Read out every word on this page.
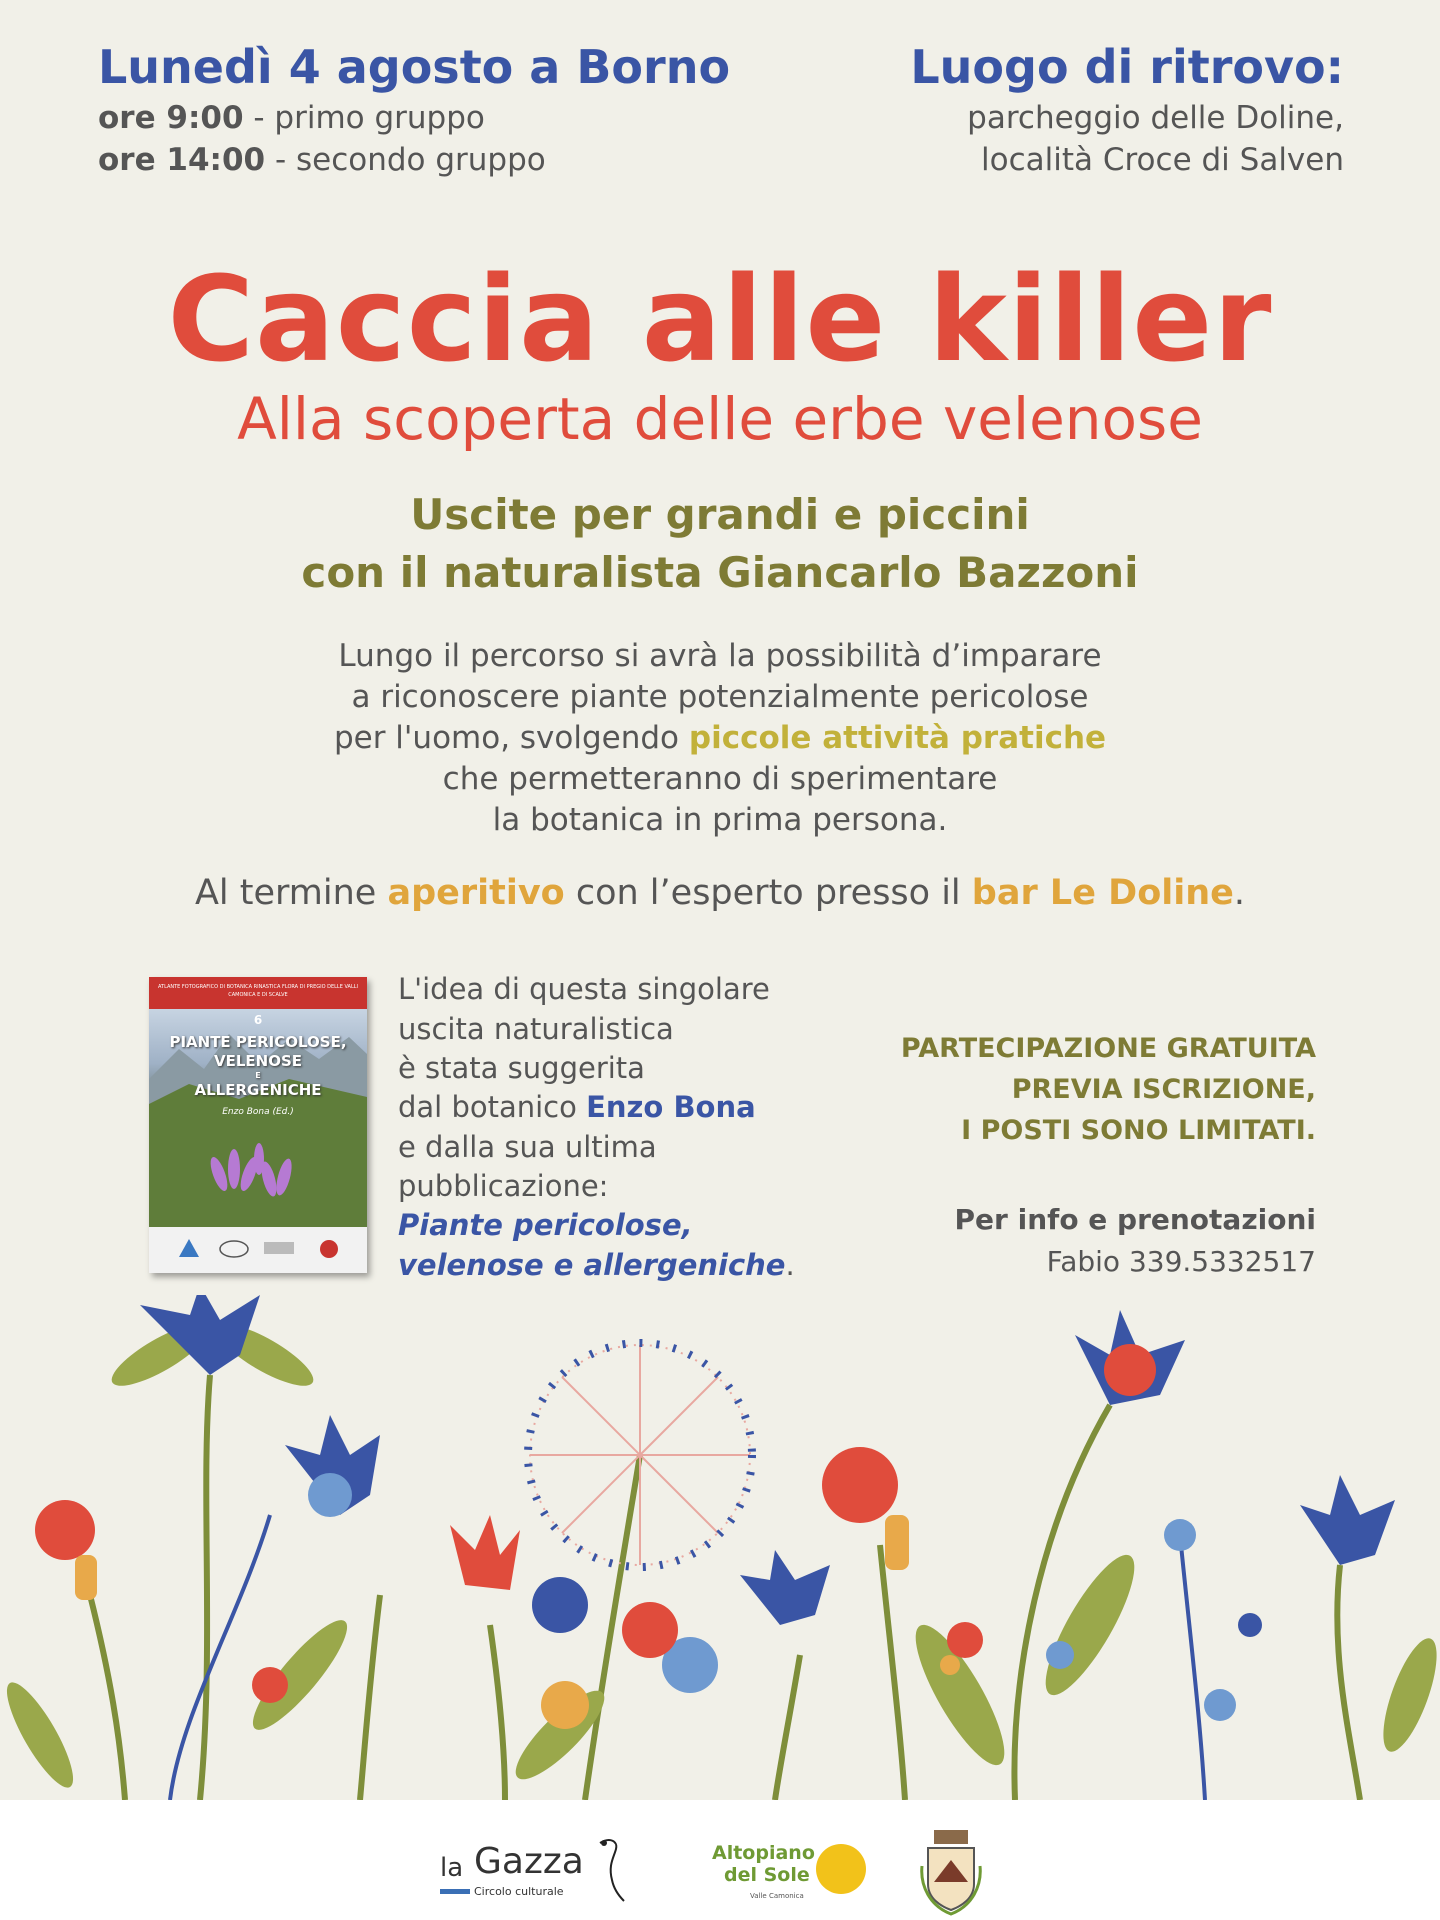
Lunedì 4 agosto a Borno
ore 9:00 - primo gruppo
ore 14:00 - secondo gruppo
Luogo di ritrovo:
parcheggio delle Doline,
località Croce di Salven
Caccia alle killer
Alla scoperta delle erbe velenose
Uscite per grandi e piccini
con il naturalista Giancarlo Bazzoni
Lungo il percorso si avrà la possibilità d’imparare
a riconoscere piante potenzialmente pericolose
per l'uomo, svolgendo piccole attività pratiche
che permetteranno di sperimentare
la botanica in prima persona.
Al termine aperitivo con l’esperto presso il bar Le Doline.
ATLANTE FOTOGRAFICO DI BOTANICA RINASTICA FLORA DI PREGIO DELLE VALLI CAMONICA E DI SCALVE
6
PIANTE PERICOLOSE,
VELENOSE
E
ALLERGENICHE
Enzo Bona (Ed.)
L'idea di questa singolare
uscita naturalistica
è stata suggerita
dal botanico Enzo Bona
e dalla sua ultima
pubblicazione:
Piante pericolose,
velenose e allergeniche.
PARTECIPAZIONE GRATUITA
PREVIA ISCRIZIONE,
I POSTI SONO LIMITATI.
Per info e prenotazioni
Fabio 339.5332517
la Gazza
Circolo culturale
Altopiano
del Sole
Valle Camonica
